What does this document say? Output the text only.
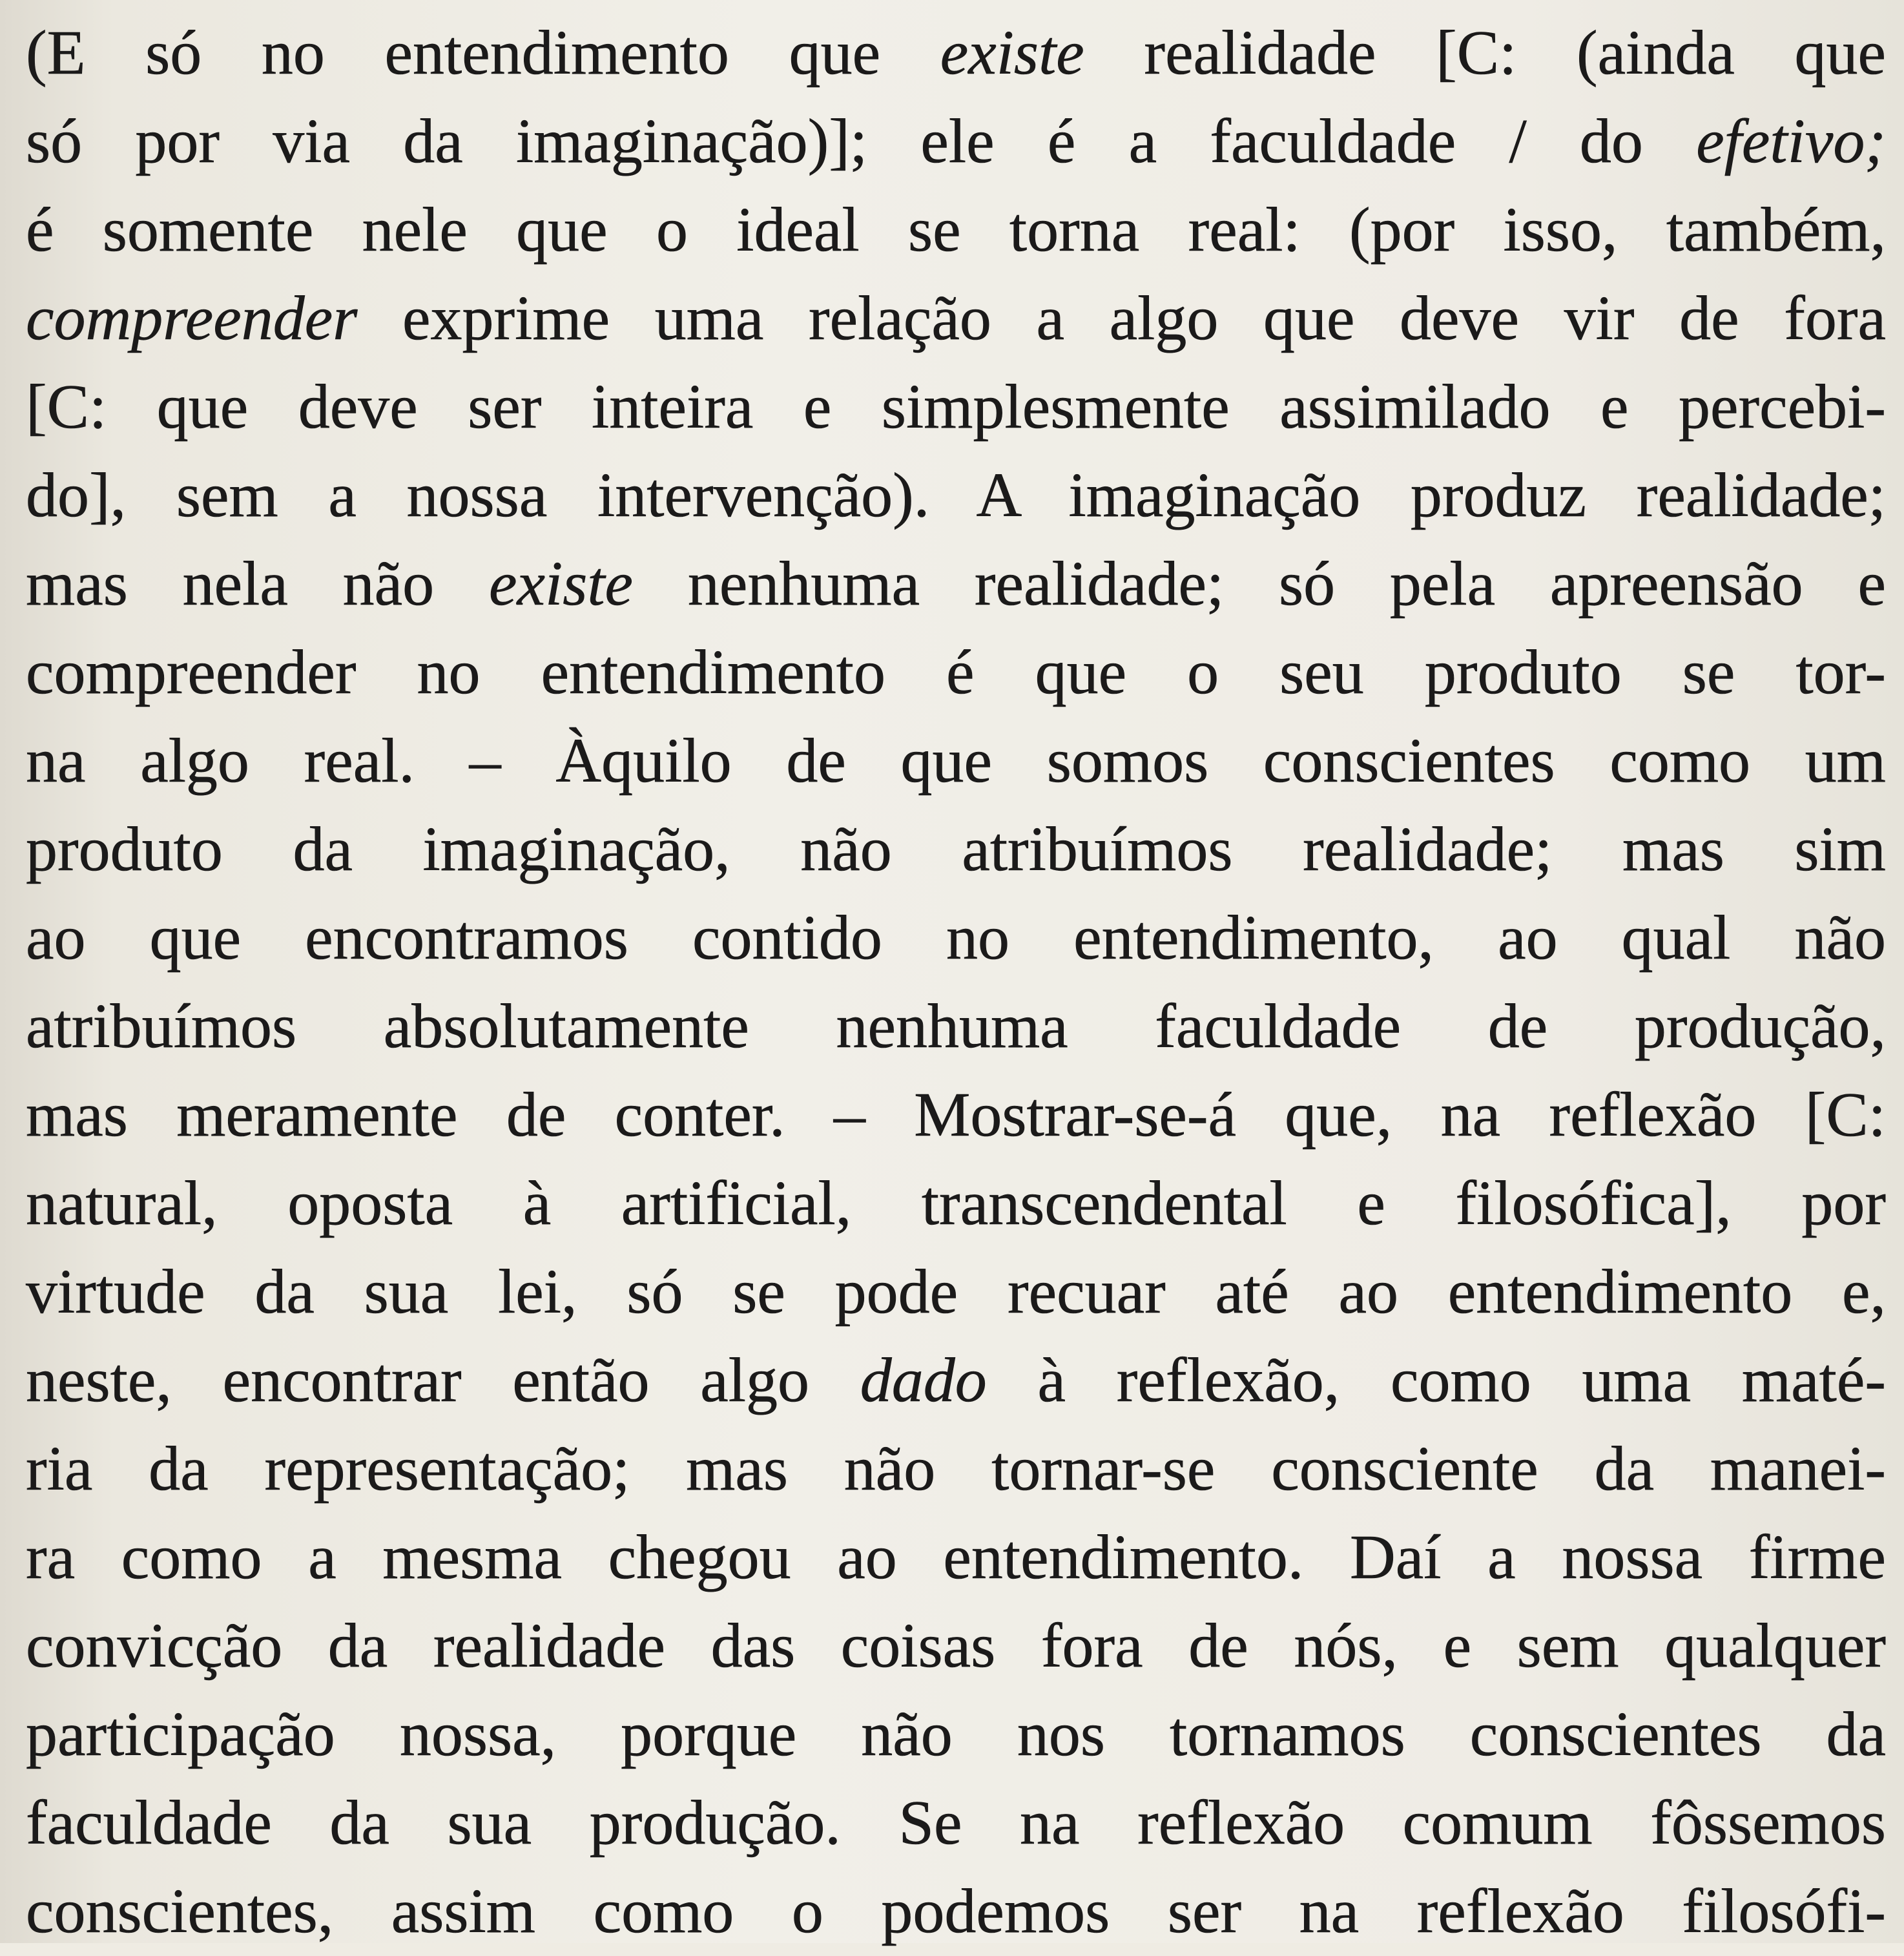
(E só no entendimento que existe realidade [C: (ainda que
só por via da imaginação)]; ele é a faculdade / do efetivo;
é somente nele que o ideal se torna real: (por isso, também,
compreender exprime uma relação a algo que deve vir de fora
[C: que deve ser inteira e simplesmente assimilado e percebi-
do], sem a nossa intervenção). A imaginação produz realidade;
mas nela não existe nenhuma realidade; só pela apreensão e
compreender no entendimento é que o seu produto se tor-
na algo real. – Àquilo de que somos conscientes como um
produto da imaginação, não atribuímos realidade; mas sim
ao que encontramos contido no entendimento, ao qual não
atribuímos absolutamente nenhuma faculdade de produção,
mas meramente de conter. – Mostrar-se-á que, na reflexão [C:
natural, oposta à artificial, transcendental e filosófica], por
virtude da sua lei, só se pode recuar até ao entendimento e,
neste, encontrar então algo dado à reflexão, como uma maté-
ria da representação; mas não tornar-se consciente da manei-
ra como a mesma chegou ao entendimento. Daí a nossa firme
convicção da realidade das coisas fora de nós, e sem qualquer
participação nossa, porque não nos tornamos conscientes da
faculdade da sua produção. Se na reflexão comum fôssemos
conscientes, assim como o podemos ser na reflexão filosófi-
